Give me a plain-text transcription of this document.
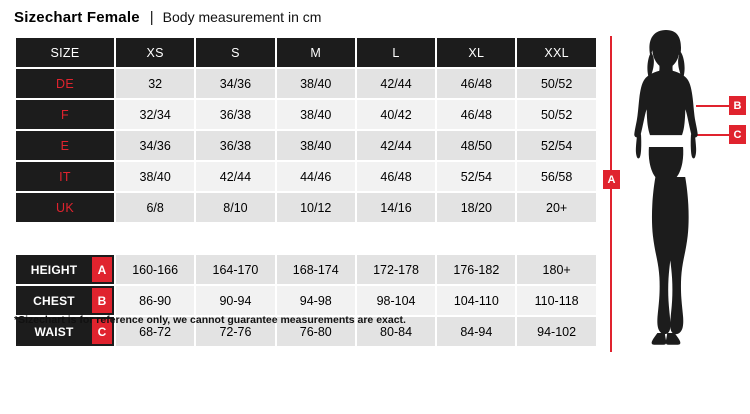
Sizechart Female | Body measurement in cm
SIZE	XS	S	M	L	XL	XXL
DE	32	34/36	38/40	42/44	46/48	50/52
F	32/34	36/38	38/40	40/42	46/48	50/52
E	34/36	36/38	38/40	42/44	48/50	52/54
IT	38/40	42/44	44/46	46/48	52/54	56/58
UK	6/8	8/10	10/12	14/16	18/20	20+

HEIGHT A	160-166	164-170	168-174	172-178	176-182	180+

CHEST B	86-90	90-94	94-98	98-104	104-110	110-118

WAIST C	68-72	72-76	76-80	80-84	84-94	94-102
*Sizechart is for reference only, we cannot guarantee measurements are exact.
A
B
C
